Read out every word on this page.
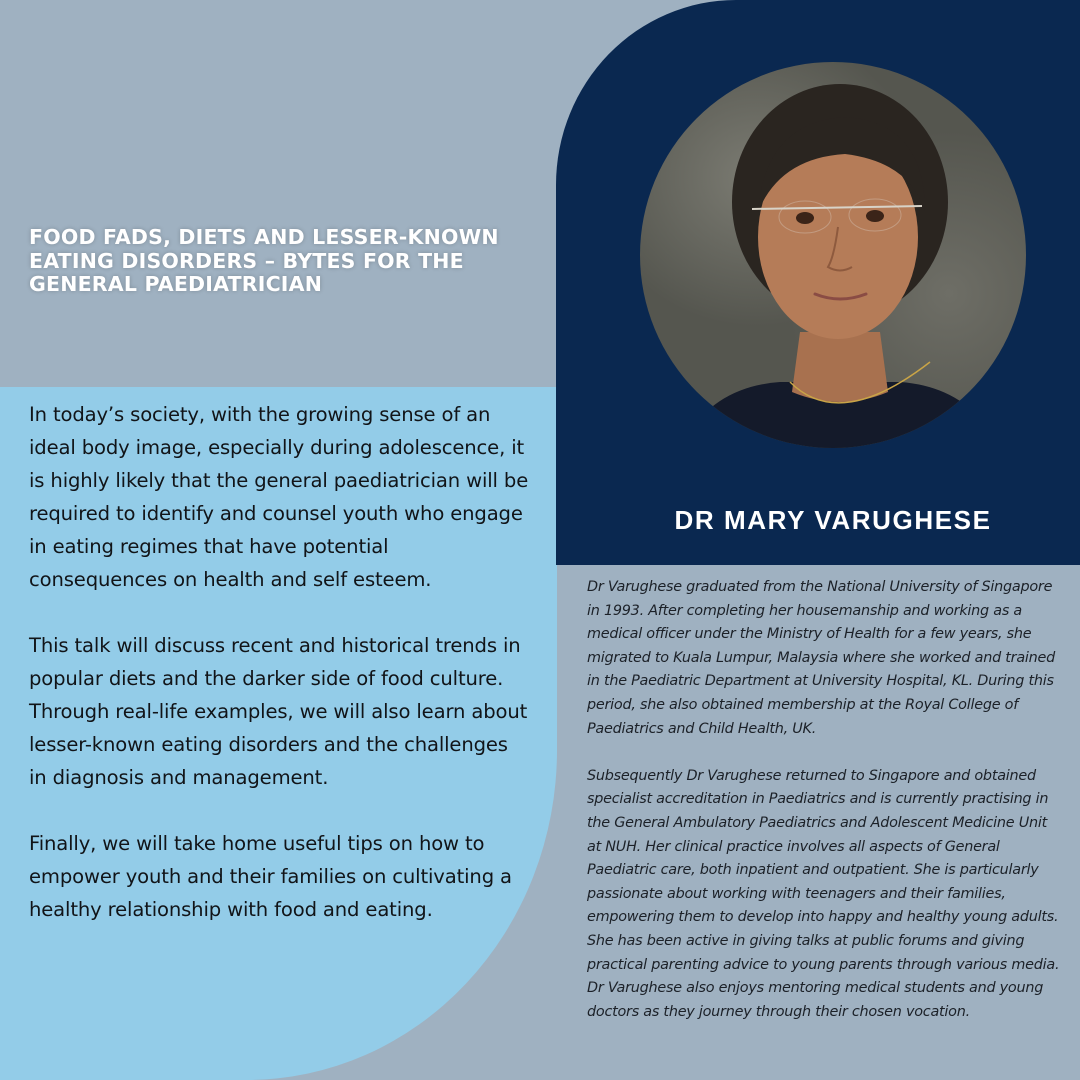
FOOD FADS, DIETS AND LESSER-KNOWN EATING DISORDERS – BYTES FOR THE GENERAL PAEDIATRICIAN

In today’s society, with the growing sense of an ideal body image, especially during adolescence, it is highly likely that the general paediatrician will be required to identify and counsel youth who engage in eating regimes that have potential consequences on health and self esteem.

This talk will discuss recent and historical trends in popular diets and the darker side of food culture. Through real-life examples, we will also learn about lesser-known eating disorders and the challenges in diagnosis and management.

Finally, we will take home useful tips on how to empower youth and their families on cultivating a healthy relationship with food and eating.

DR MARY VARUGHESE

Dr Varughese graduated from the National University of Singapore in 1993. After completing her housemanship and working as a medical officer under the Ministry of Health for a few years, she migrated to Kuala Lumpur, Malaysia where she worked and trained in the Paediatric Department at University Hospital, KL. During this period, she also obtained membership at the Royal College of Paediatrics and Child Health, UK.

Subsequently Dr Varughese returned to Singapore and obtained specialist accreditation in Paediatrics and is currently practising in the General Ambulatory Paediatrics and Adolescent Medicine Unit at NUH. Her clinical practice involves all aspects of General Paediatric care, both inpatient and outpatient. She is particularly passionate about working with teenagers and their families, empowering them to develop into happy and healthy young adults. She has been active in giving talks at public forums and giving practical parenting advice to young parents through various media. Dr Varughese also enjoys mentoring medical students and young doctors as they journey through their chosen vocation.
